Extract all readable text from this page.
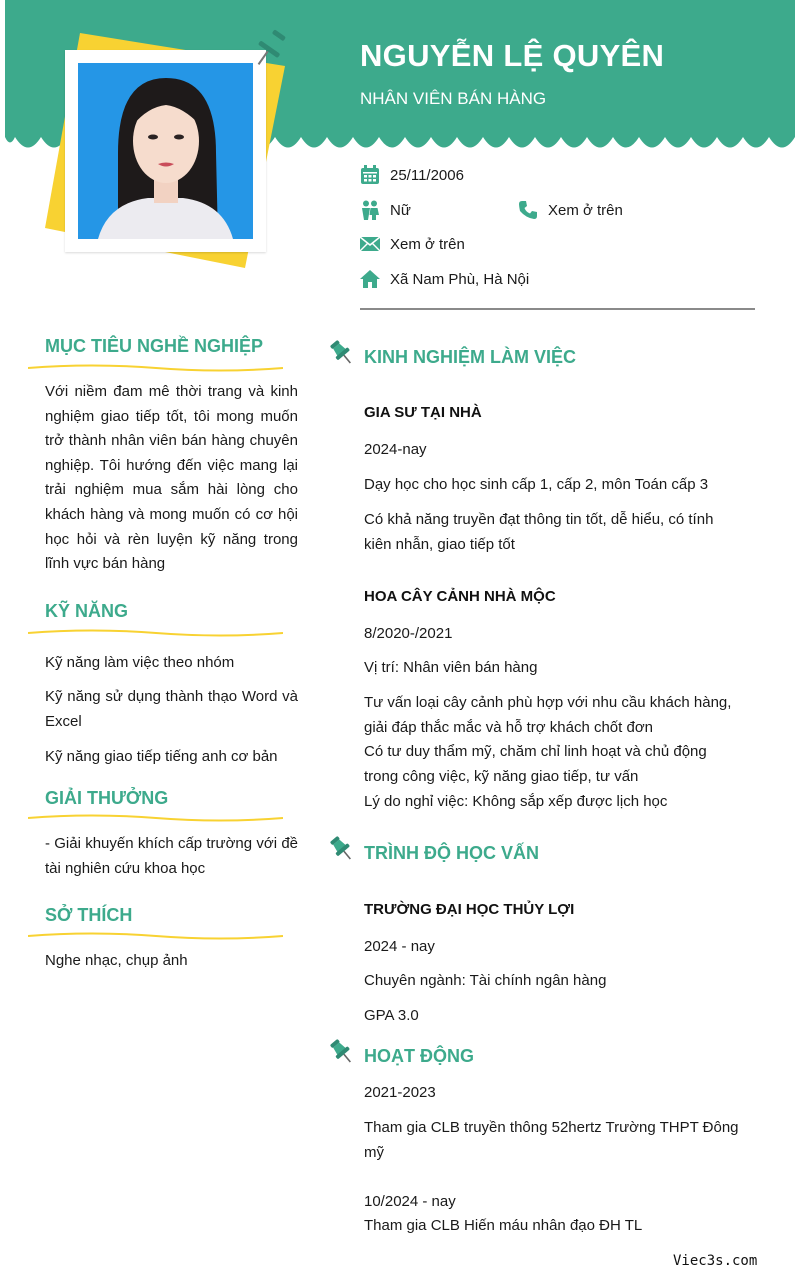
NGUYỄN LỆ QUYÊN
NHÂN VIÊN BÁN HÀNG
25/11/2006
Nữ	Xem ở trên
Xem ở trên
Xã Nam Phù, Hà Nội
MỤC TIÊU NGHỀ NGHIỆP
Với niềm đam mê thời trang và kinh nghiệm giao tiếp tốt, tôi mong muốn trở thành nhân viên bán hàng chuyên nghiệp. Tôi hướng đến việc mang lại trải nghiệm mua sắm hài lòng cho khách hàng và mong muốn có cơ hội học hỏi và rèn luyện kỹ năng trong lĩnh vực bán hàng
KỸ NĂNG
Kỹ năng làm việc theo nhóm
Kỹ năng sử dụng thành thạo Word và Excel
Kỹ năng giao tiếp tiếng anh cơ bản
GIẢI THƯỞNG
- Giải khuyến khích cấp trường với đề tài nghiên cứu khoa học
SỞ THÍCH
Nghe nhạc, chụp ảnh
KINH NGHIỆM LÀM VIỆC
GIA SƯ TẠI NHÀ
2024-nay
Dạy học cho học sinh cấp 1, cấp 2, môn Toán cấp 3
Có khả năng truyền đạt thông tin tốt, dễ hiểu, có tính kiên nhẫn, giao tiếp tốt
HOA CÂY CẢNH NHÀ MỘC
8/2020-/2021
Vị trí: Nhân viên bán hàng
Tư vấn loại cây cảnh phù hợp với nhu cầu khách hàng, giải đáp thắc mắc và hỗ trợ khách chốt đơn
Có tư duy thẩm mỹ, chăm chỉ linh hoạt và chủ động trong công việc, kỹ năng giao tiếp, tư vấn
Lý do nghỉ việc: Không sắp xếp được lịch học
TRÌNH ĐỘ HỌC VẤN
TRƯỜNG ĐẠI HỌC THỦY LỢI
2024 - nay
Chuyên ngành: Tài chính ngân hàng
GPA 3.0
HOẠT ĐỘNG
2021-2023
Tham gia CLB truyền thông 52hertz Trường THPT Đông mỹ
10/2024 - nay
Tham gia CLB Hiến máu nhân đạo ĐH TL
Viec3s.com
